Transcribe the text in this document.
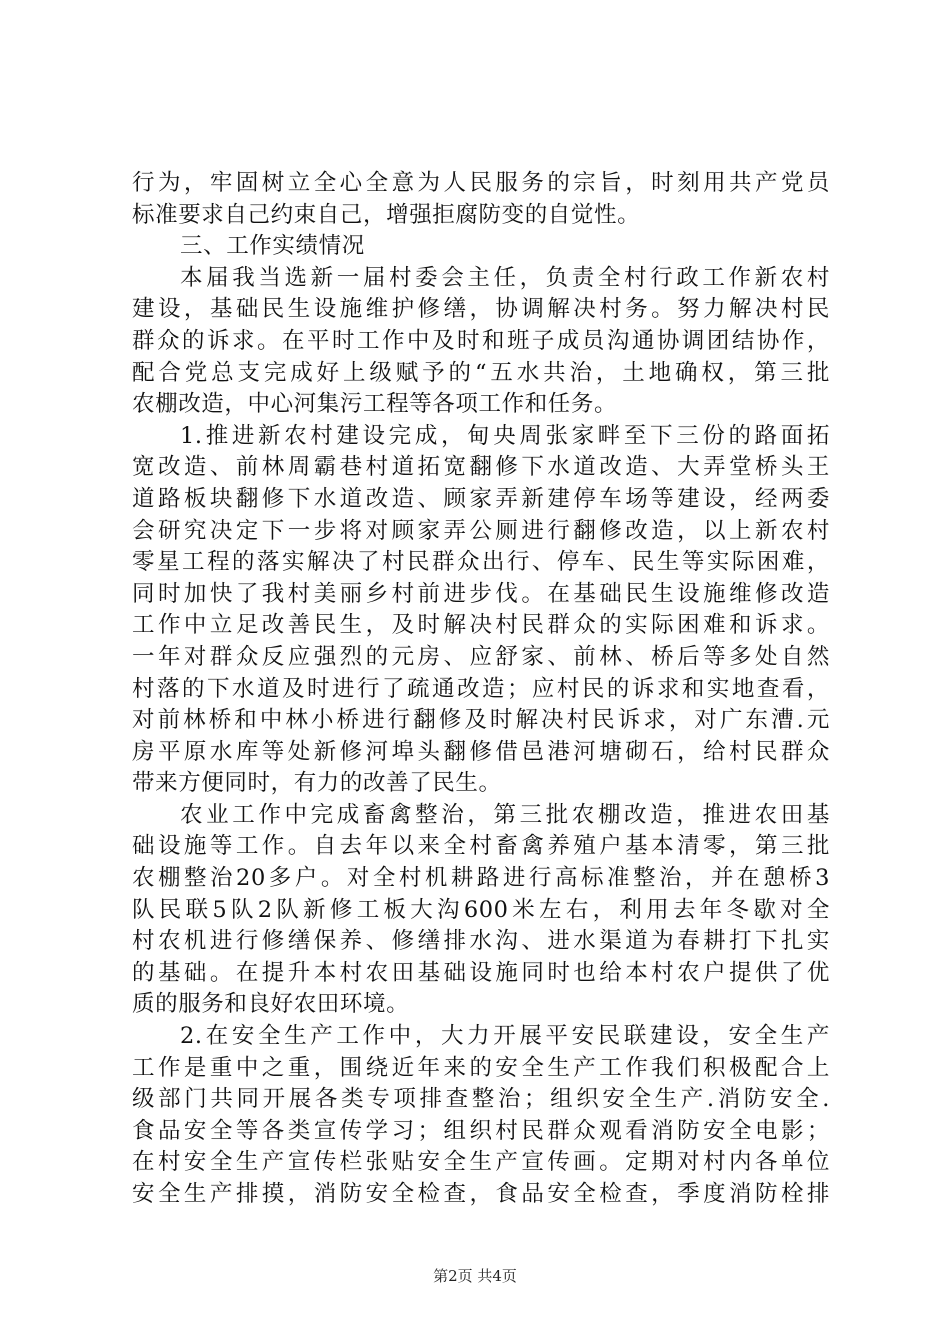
行为，牢固树立全心全意为人民服务的宗旨，时刻用共产党员
标准要求自己约束自己，增强拒腐防变的自觉性。
三、工作实绩情况
本届我当选新一届村委会主任，负责全村行政工作新农村
建设，基础民生设施维护修缮，协调解决村务。努力解决村民
群众的诉求。在平时工作中及时和班子成员沟通协调团结协作，
配合党总支完成好上级赋予的“五水共治，土地确权，第三批
农棚改造，中心河集污工程等各项工作和任务。
1.推进新农村建设完成，甸央周张家畔至下三份的路面拓
宽改造、前林周霸巷村道拓宽翻修下水道改造、大弄堂桥头王
道路板块翻修下水道改造、顾家弄新建停车场等建设，经两委
会研究决定下一步将对顾家弄公厕进行翻修改造，以上新农村
零星工程的落实解决了村民群众出行、停车、民生等实际困难，
同时加快了我村美丽乡村前进步伐。在基础民生设施维修改造
工作中立足改善民生，及时解决村民群众的实际困难和诉求。
一年对群众反应强烈的元房、应舒家、前林、桥后等多处自然
村落的下水道及时进行了疏通改造；应村民的诉求和实地查看，
对前林桥和中林小桥进行翻修及时解决村民诉求，对广东漕.元
房平原水库等处新修河埠头翻修借邑港河塘砌石，给村民群众
带来方便同时，有力的改善了民生。
农业工作中完成畜禽整治，第三批农棚改造，推进农田基
础设施等工作。自去年以来全村畜禽养殖户基本清零，第三批
农棚整治20多户。对全村机耕路进行高标准整治，并在憩桥3
队民联5队2队新修工板大沟600米左右，利用去年冬歇对全
村农机进行修缮保养、修缮排水沟、进水渠道为春耕打下扎实
的基础。在提升本村农田基础设施同时也给本村农户提供了优
质的服务和良好农田环境。
2.在安全生产工作中，大力开展平安民联建设，安全生产
工作是重中之重，围绕近年来的安全生产工作我们积极配合上
级部门共同开展各类专项排查整治；组织安全生产.消防安全.
食品安全等各类宣传学习；组织村民群众观看消防安全电影；
在村安全生产宣传栏张贴安全生产宣传画。定期对村内各单位
安全生产排摸，消防安全检查，食品安全检查，季度消防栓排
第2页 共4页
